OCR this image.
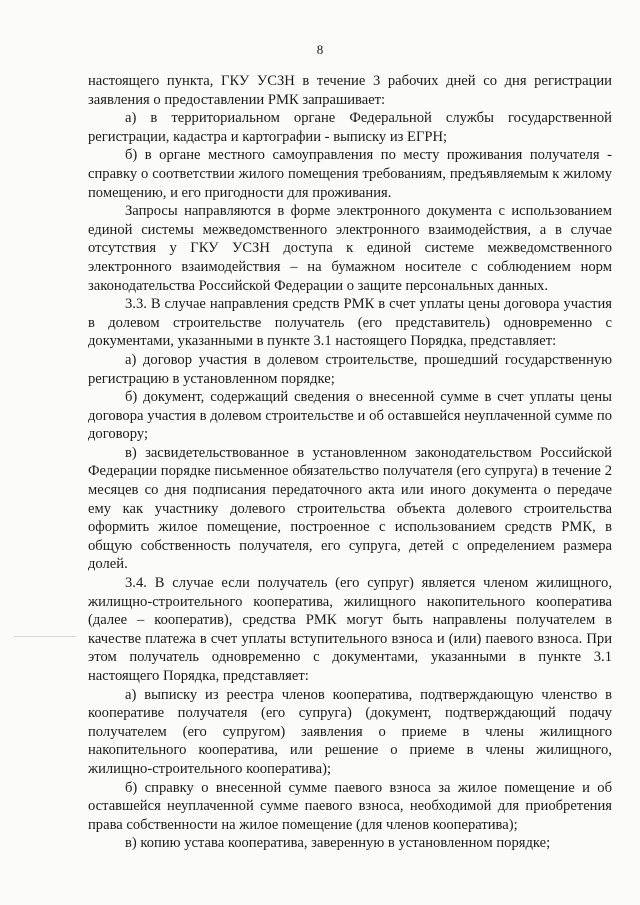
8

настоящего пункта, ГКУ УСЗН в течение 3 рабочих дней со дня регистрации заявления о предоставлении РМК запрашивает:

а) в территориальном органе Федеральной службы государственной регистрации, кадастра и картографии - выписку из ЕГРН;

б) в органе местного самоуправления по месту проживания получателя - справку о соответствии жилого помещения требованиям, предъявляемым к жилому помещению, и его пригодности для проживания.

Запросы направляются в форме электронного документа с использованием единой системы межведомственного электронного взаимодействия, а в случае отсутствия у ГКУ УСЗН доступа к единой системе межведомственного электронного взаимодействия – на бумажном носителе с соблюдением норм законодательства Российской Федерации о защите персональных данных.

3.3. В случае направления средств РМК в счет уплаты цены договора участия в долевом строительстве получатель (его представитель) одновременно с документами, указанными в пункте 3.1 настоящего Порядка, представляет:

а) договор участия в долевом строительстве, прошедший государственную регистрацию в установленном порядке;

б) документ, содержащий сведения о внесенной сумме в счет уплаты цены договора участия в долевом строительстве и об оставшейся неуплаченной сумме по договору;

в) засвидетельствованное в установленном законодательством Российской Федерации порядке письменное обязательство получателя (его супруга) в течение 2 месяцев со дня подписания передаточного акта или иного документа о передаче ему как участнику долевого строительства объекта долевого строительства оформить жилое помещение, построенное с использованием средств РМК, в общую собственность получателя, его супруга, детей с определением размера долей.

3.4. В случае если получатель (его супруг) является членом жилищного, жилищно-строительного кооператива, жилищного накопительного кооператива (далее – кооператив), средства РМК могут быть направлены получателем в качестве платежа в счет уплаты вступительного взноса и (или) паевого взноса. При этом получатель одновременно с документами, указанными в пункте 3.1 настоящего Порядка, представляет:

а) выписку из реестра членов кооператива, подтверждающую членство в кооперативе получателя (его супруга) (документ, подтверждающий подачу получателем (его супругом) заявления о приеме в члены жилищного накопительного кооператива, или решение о приеме в члены жилищного, жилищно-строительного кооператива);

б) справку о внесенной сумме паевого взноса за жилое помещение и об оставшейся неуплаченной сумме паевого взноса, необходимой для приобретения права собственности на жилое помещение (для членов кооператива);

в) копию устава кооператива, заверенную в установленном порядке;
